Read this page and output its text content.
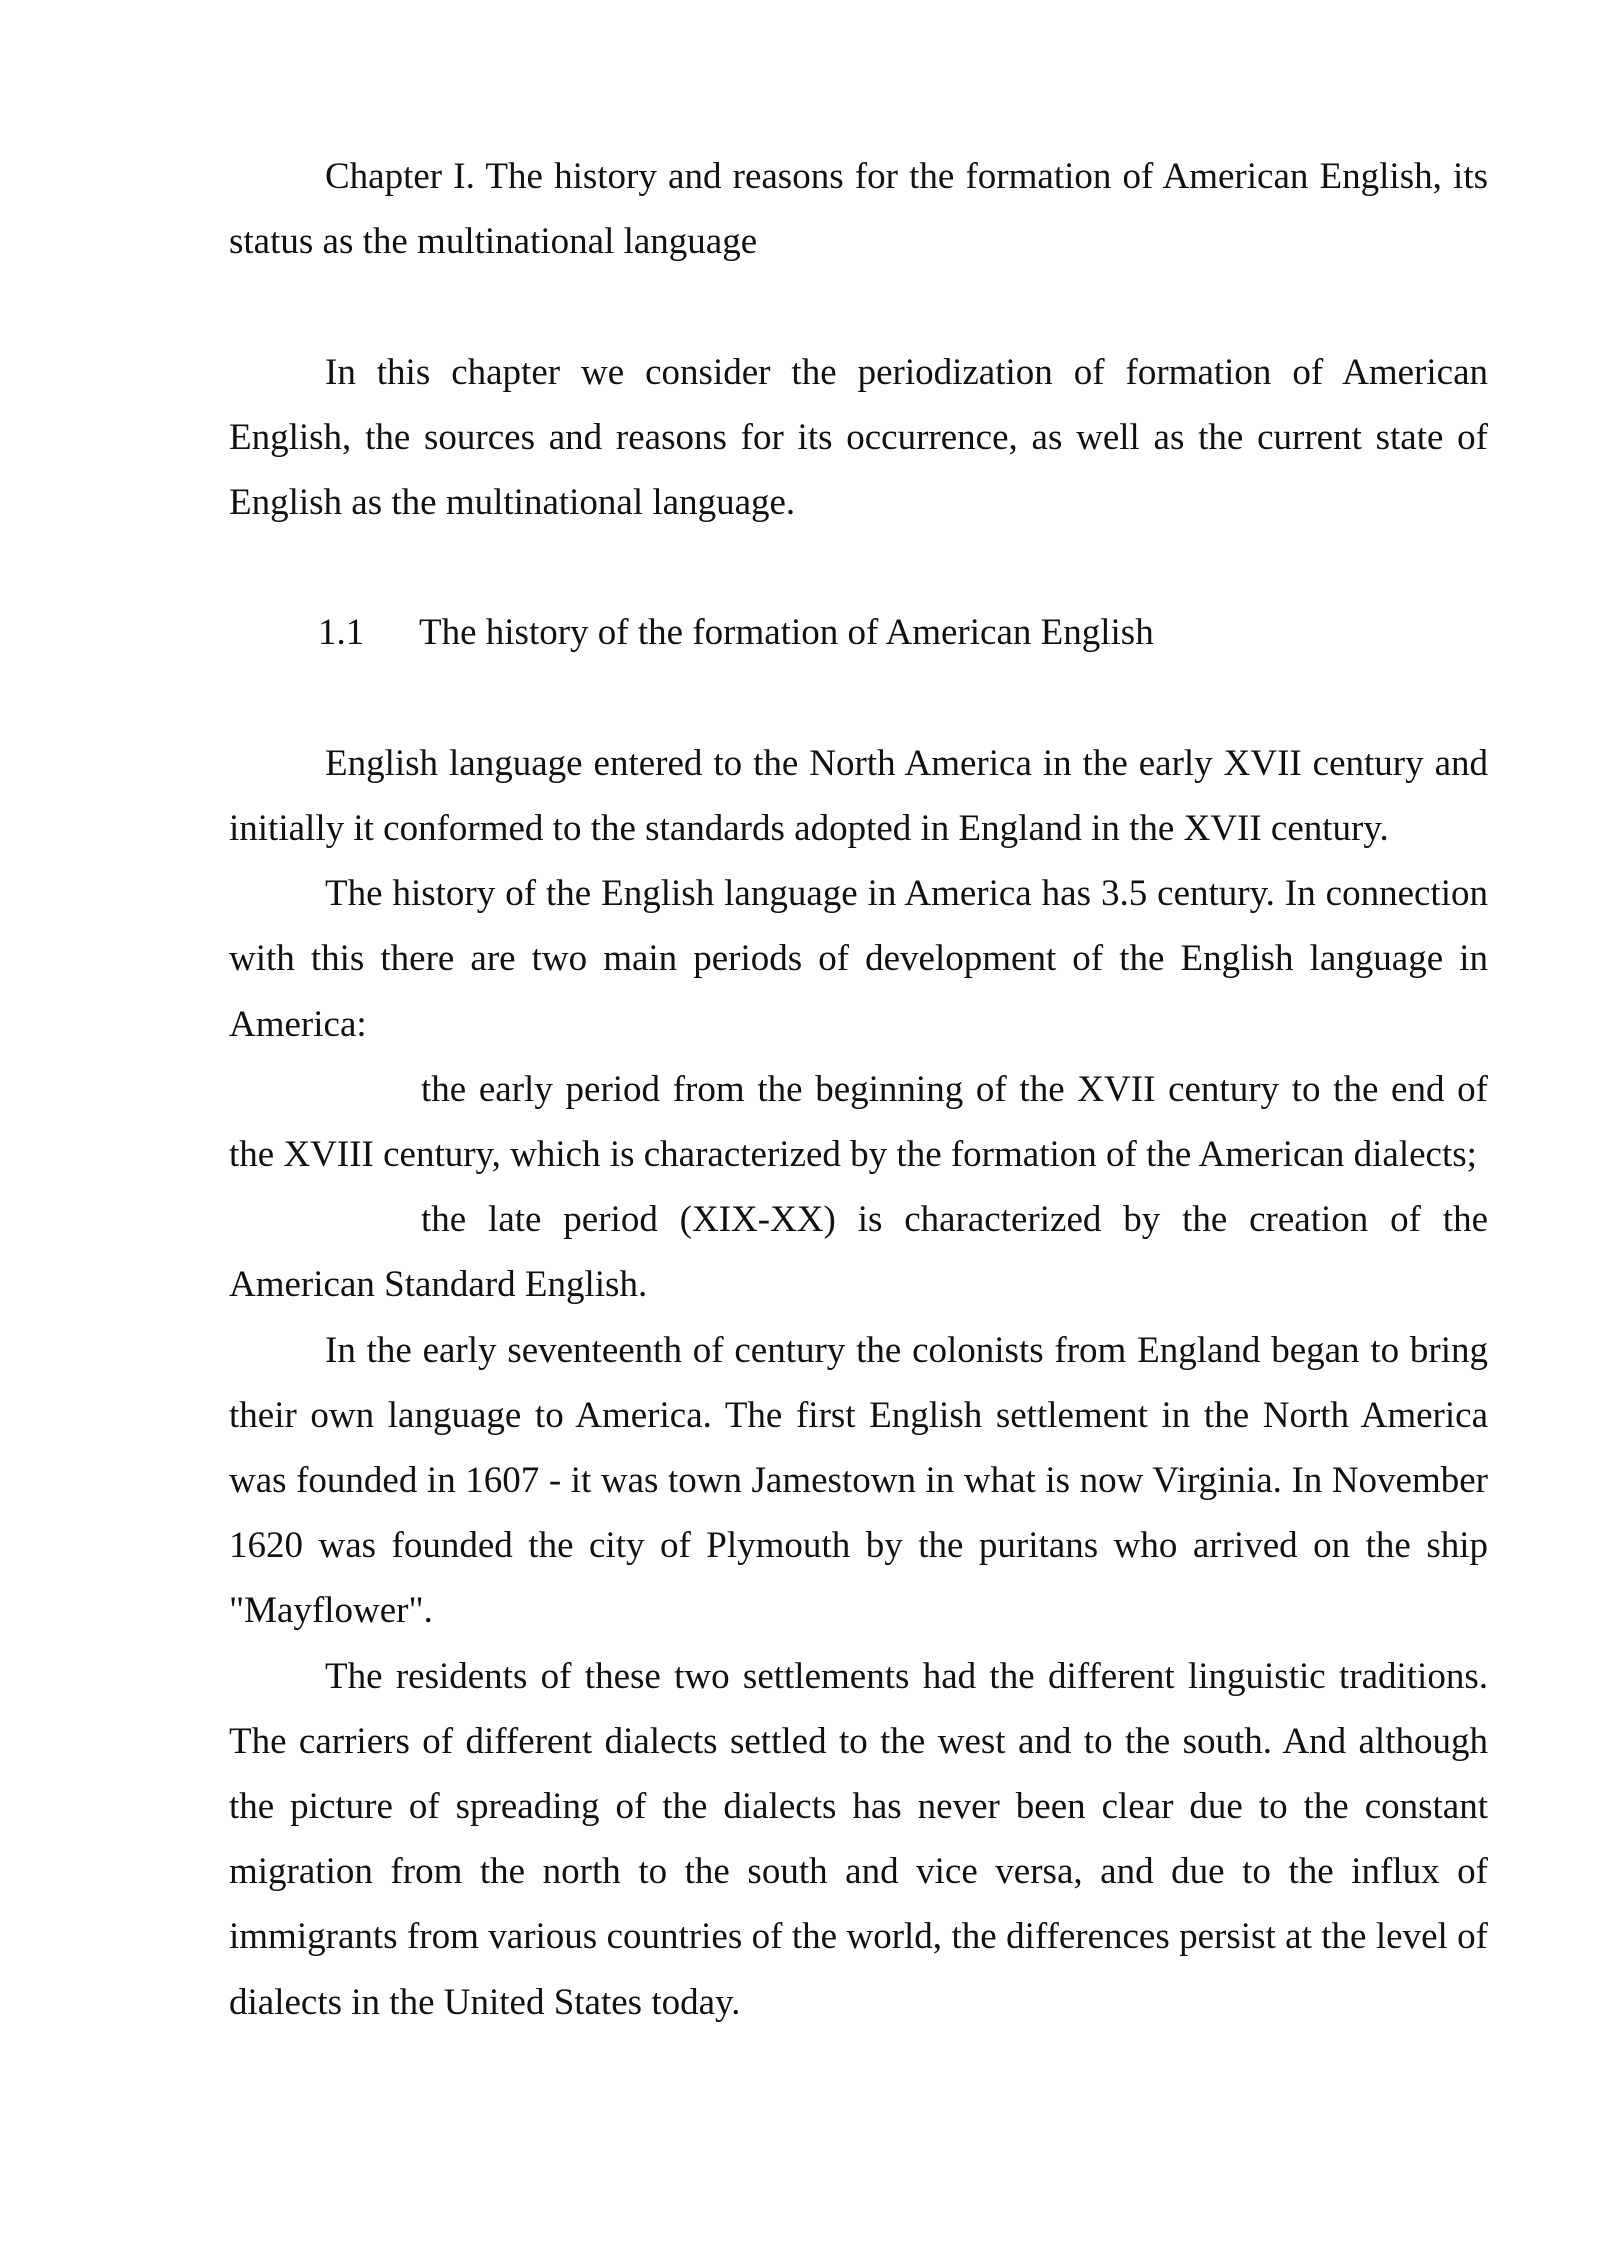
Chapter I. The history and reasons for the formation of American English, its status as the multinational language

In this chapter we consider the periodization of formation of American English, the sources and reasons for its occurrence, as well as the current state of English as the multinational language.

1.1 The history of the formation of American English

English language entered to the North America in the early XVII century and initially it conformed to the standards adopted in England in the XVII century.

The history of the English language in America has 3.5 century. In connection with this there are two main periods of development of the English language in America:

the early period from the beginning of the XVII century to the end of the XVIII century, which is characterized by the formation of the American dialects;

the late period (XIX-XX) is characterized by the creation of the American Standard English.

In the early seventeenth of century the colonists from England began to bring their own language to America. The first English settlement in the North America was founded in 1607 - it was town Jamestown in what is now Virginia. In November 1620 was founded the city of Plymouth by the puritans who arrived on the ship "Mayflower".

The residents of these two settlements had the different linguistic traditions. The carriers of different dialects settled to the west and to the south. And although the picture of spreading of the dialects has never been clear due to the constant migration from the north to the south and vice versa, and due to the influx of immigrants from various countries of the world, the differences persist at the level of dialects in the United States today.
